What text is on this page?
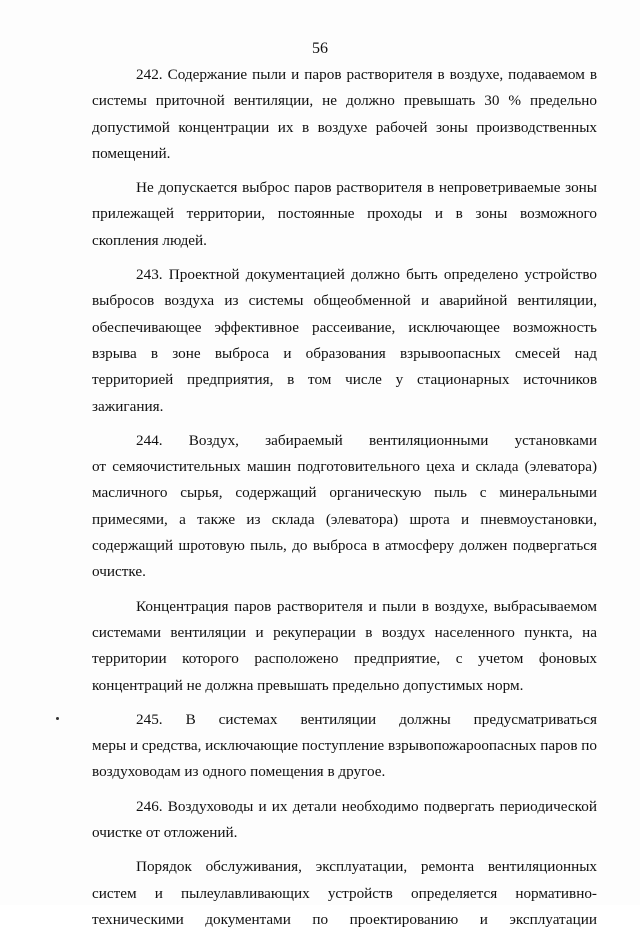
56

242. Содержание пыли и паров растворителя в воздухе, подаваемом в системы приточной вентиляции, не должно превышать 30 % предельно допустимой концентрации их в воздухе рабочей зоны производственных помещений.

Не допускается выброс паров растворителя в непроветриваемые зоны прилежащей территории, постоянные проходы и в зоны возможного скопления людей.

243. Проектной документацией должно быть определено устройство выбросов воздуха из системы общеобменной и аварийной вентиляции, обеспечивающее эффективное рассеивание, исключающее возможность взрыва в зоне выброса и образования взрывоопасных смесей над территорией предприятия, в том числе у стационарных источников зажигания.

244. Воздух, забираемый вентиляционными установками от семяочистительных машин подготовительного цеха и склада (элеватора) масличного сырья, содержащий органическую пыль с минеральными примесями, а также из склада (элеватора) шрота и пневмоустановки, содержащий шротовую пыль, до выброса в атмосферу должен подвергаться очистке.

Концентрация паров растворителя и пыли в воздухе, выбрасываемом системами вентиляции и рекуперации в воздух населенного пункта, на территории которого расположено предприятие, с учетом фоновых концентраций не должна превышать предельно допустимых норм.

245. В системах вентиляции должны предусматриваться меры и средства, исключающие поступление взрывопожароопасных паров по воздуховодам из одного помещения в другое.

246. Воздуховоды и их детали необходимо подвергать периодической очистке от отложений.

Порядок обслуживания, эксплуатации, ремонта вентиляционных систем и пылеулавливающих устройств определяется нормативно-техническими документами по проектированию и эксплуатации
